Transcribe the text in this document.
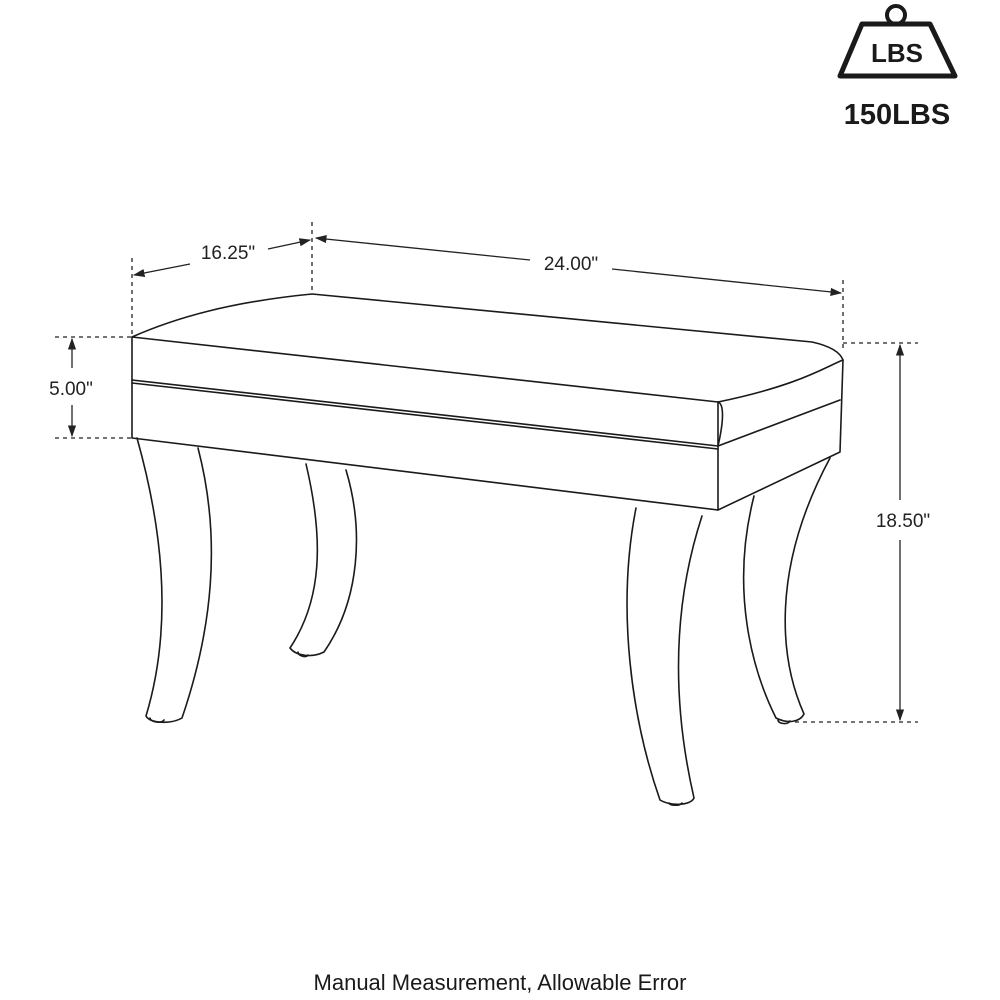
LBS
150LBS
16.25"
24.00"
5.00"
18.50"
Manual Measurement, Allowable Error
